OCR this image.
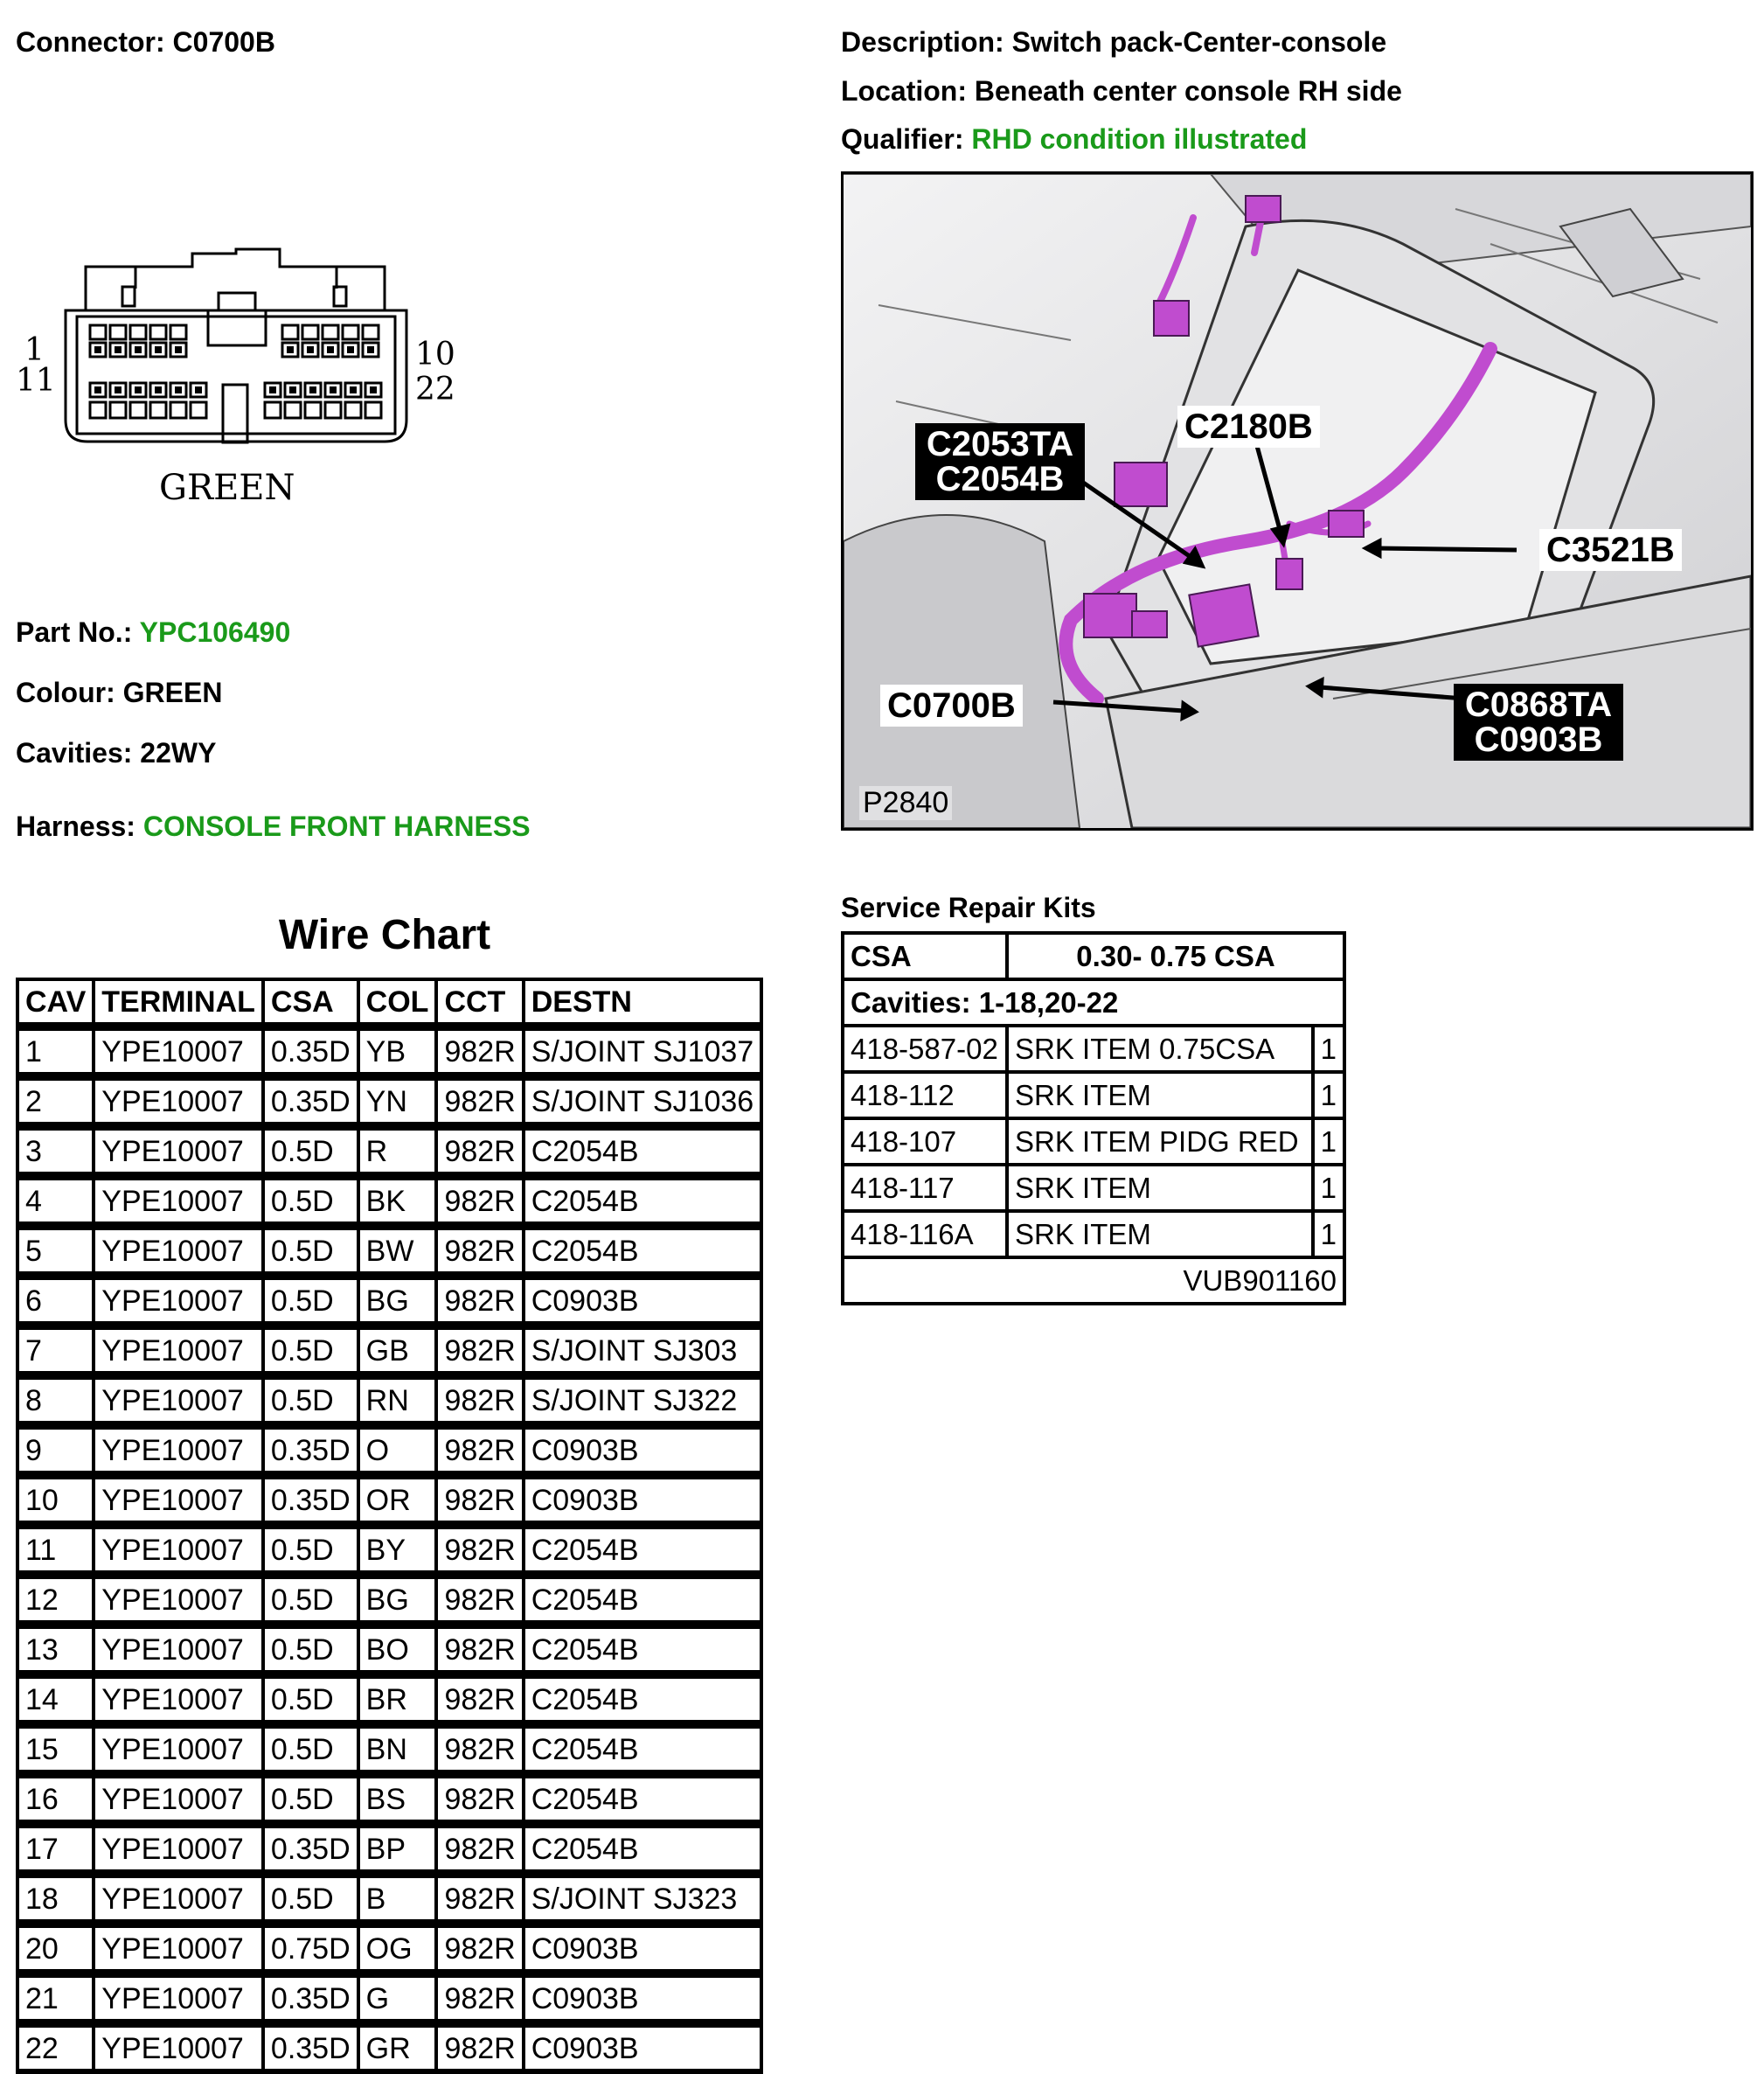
Connector: C0700B	Description: Switch pack-Center-console
Location: Beneath center console RH side
Qualifier: RHD condition illustrated
1
11
10
22
GREEN
Part No.: YPC106490
Colour: GREEN
Cavities: 22WY
Harness: CONSOLE FRONT HARNESS
C2053TA
C2054B
C2180B
C3521B
C0700B	C0868TA
C0903B
P2840
Wire Chart
CAV	TERMINAL	CSA	COL	CCT	DESTN
1	YPE10007	0.35D	YB	982R	S/JOINT SJ1037
2	YPE10007	0.35D	YN	982R	S/JOINT SJ1036
3	YPE10007	0.5D	R	982R	C2054B
4	YPE10007	0.5D	BK	982R	C2054B
5	YPE10007	0.5D	BW	982R	C2054B
6	YPE10007	0.5D	BG	982R	C0903B
7	YPE10007	0.5D	GB	982R	S/JOINT SJ303
8	YPE10007	0.5D	RN	982R	S/JOINT SJ322
9	YPE10007	0.35D	O	982R	C0903B
10	YPE10007	0.35D	OR	982R	C0903B
11	YPE10007	0.5D	BY	982R	C2054B
12	YPE10007	0.5D	BG	982R	C2054B
13	YPE10007	0.5D	BO	982R	C2054B
14	YPE10007	0.5D	BR	982R	C2054B
15	YPE10007	0.5D	BN	982R	C2054B
16	YPE10007	0.5D	BS	982R	C2054B
17	YPE10007	0.35D	BP	982R	C2054B
18	YPE10007	0.5D	B	982R	S/JOINT SJ323
20	YPE10007	0.75D	OG	982R	C0903B
21	YPE10007	0.35D	G	982R	C0903B
22	YPE10007	0.35D	GR	982R	C0903B
Service Repair Kits
CSA	0.30- 0.75 CSA	
Cavities: 1-18,20-22		
418-587-02	SRK ITEM 0.75CSA	1
418-112	SRK ITEM	1
418-107	SRK ITEM PIDG RED	1
418-117	SRK ITEM	1
418-116A	SRK ITEM	1
VUB901160		
